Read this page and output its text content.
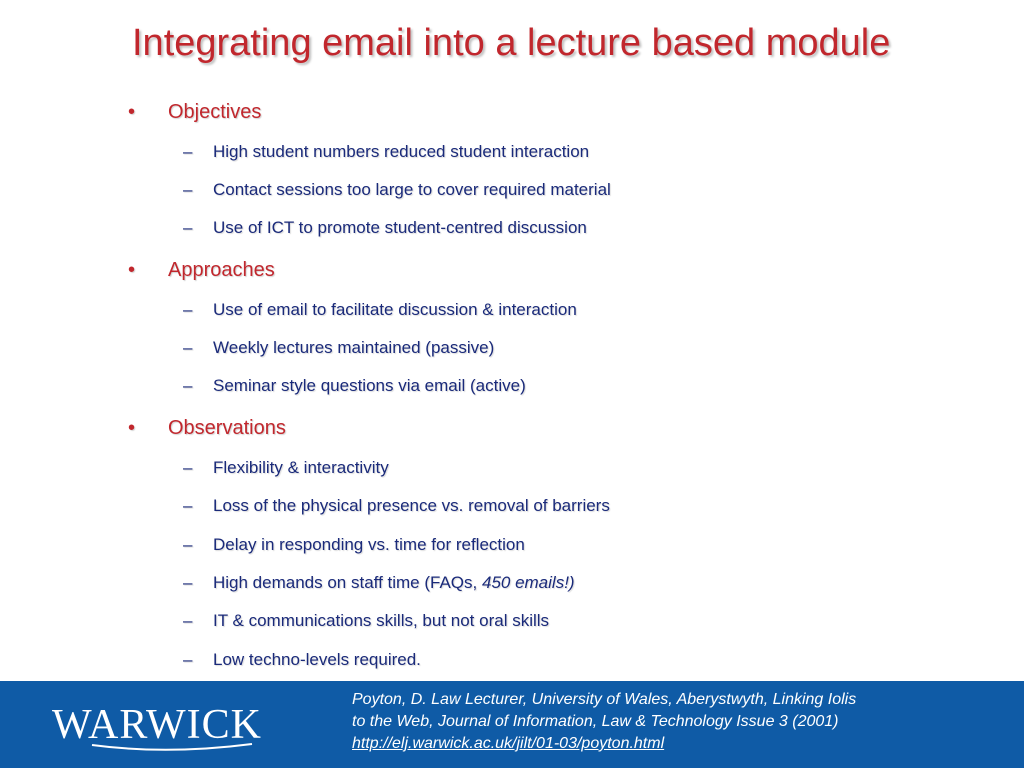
Integrating email into a lecture based module
•	Objectives
–	High student numbers reduced student interaction
–	Contact sessions too large to cover required material
–	Use of ICT to promote student-centred discussion
•	Approaches
–	Use of email to facilitate discussion & interaction
–	Weekly lectures maintained (passive)
–	Seminar style questions via email (active)
•	Observations
–	Flexibility & interactivity
–	Loss of the physical presence vs. removal of barriers
–	Delay in responding vs. time for reflection
–	High demands on staff time (FAQs, 450 emails!)
–	IT & communications skills, but not oral skills
–	Low techno-levels required.
WARWICK
Poyton, D. Law Lecturer, University of Wales, Aberystwyth, Linking Iolis
to the Web, Journal of Information, Law & Technology Issue 3 (2001)
http://elj.warwick.ac.uk/jilt/01-03/poyton.html
